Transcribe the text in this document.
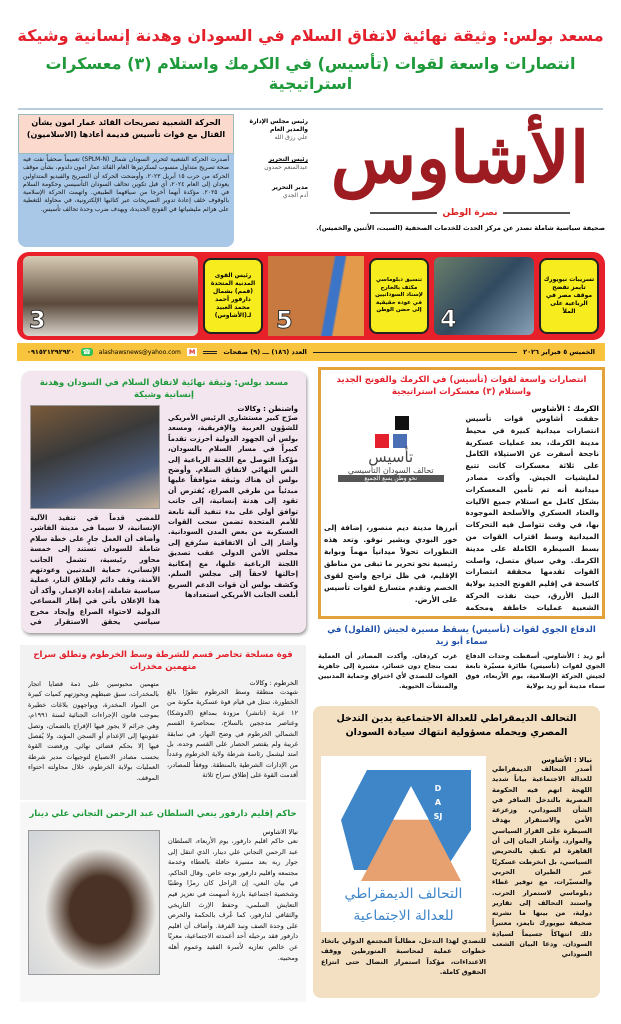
مسعد بولس: وثيقة نهائية لاتفاق السلام في السودان وهدنة إنسانية وشيكة
انتصارات واسعة لقوات (تأسيس) في الكرمك واستلام (٣) معسكرات استراتيجية
الحركة الشعبية تصريحات القائد عمار امون بشأن القتال مع قوات تأسيس قديمة أعادها (الاسلاميون)
أصدرت الحركة الشعبية لتحرير السودان شمال (SPLM-N) تعميماً صحفياً نفت فيه صحة تصريح متداول منسوب لسكرتيرها العام القائد عمار امون دلدوم، بشأن موقف الحركة من حرب ١٥ أبريل ٢٠٢٣. وأوضحت الحركة أن التصريح والفيديو المتداولين يعودان إلى العام ٢٠٢٤، أي قبل تكوين تحالف السودان التأسيسي وحكومة السلام في ٢٠٢٥. مؤكدة أنهما أخرجا من سياقهما الطبيعي. واتهمت الحركة الإسلامية بالوقوف خلف إعادة تدوير التصريحات عبر كتائبها الإلكترونية، في محاولة للتغطية على هزائم مليشياتها في الفونج الجديدة، ويهدف ضرب وحدة تحالف تأسيس.
رئيس مجلس الإدارة والمدير العام
علي رزق الله
رئيس التحرير
عبدالمنعم حمدون
مدير التحرير
أدم الجدي الأشاوس
نصرة الوطن
صحيفة سياسية شاملة تصدر عن مركز الحدث للخدمات الصحفية (السبت، الأثنين والخميس).
تسريبات نيويورك تايمز تفضح موقف مصر في الرباعية على الملأ
4
تنسيق دبلوماسي مكثف بالخارج لإسناد السودانيين في عودة حقيقية إلى حضن الوطن
5
رئيس القوى المدنية المتحدة (قمم) بشمال دارفور أحمد محمد العبيد لـ(الأشاوس)
3
الخميس ٥ فبراير ٢٠٢٦
العدد (١٨٦) ـــ (٩) صفحات
M
alashawsnews@yahoo.com
☎
٠٩١٥٢١٢٩٢٩٢٠
انتصارات واسعة لقوات (تأسيس) في الكرمك والفونج الجديد واستلام (٣) معسكرات استراتيجية
الكرمك : الأشاوس
حققت أشاوس قوات تأسيس انتصارات ميدانية كبيرة في محيط مدينة الكرمك، بعد عمليات عسكرية ناجحة أسفرت عن الاستيلاء الكامل على ثلاثة معسكرات كانت تتبع لمليشيات الجيش. وأكدت مصادر ميدانية أنه تم تأمين المعسكرات بشكل كامل مع استلام جميع الآليات والعتاد العسكري والأسلحة الموجودة بها، في وقت تتواصل فيه التحركات الميدانية وسط اقتراب القوات من بسط السيطرة الكاملة على مدينة الكرمك. وفي سياق متصل، واصلت القوات تقدمها محققة انتصارات كاسحة في إقليم الفونج الجديد بولاية النيل الأزرق، حيث نفذت الحركة الشعبية عمليات خاطفة ومحكمة
تأسيس
تحالف السودان التأسيسي
نحو وطن يسع الجميع
أبرزها مدينة ديم منصور، إضافة إلى خور البودي وبشير نوقو. وتعد هذه التطورات تحولاً ميدانياً مهماً وبوابة رئيسية نحو تحرير ما تبقى من مناطق الإقليم، في ظل تراجع واضح لقوى الخصم وتقدم متسارع لقوات تأسيس على الأرض.
مسعد بولس: وثيقة نهائية لاتفاق السلام في السودان وهدنة إنسانية وشيكة
واشنطن : وكالات
صرّح كبير مستشاري الرئيس الأمريكي للشؤون العربية والإفريقية، ومسعد بولس أن الجهود الدولية أحرزت تقدماً كبيراً في مسار السلام بالسودان، مؤكداً التوصل مع اللجنة الرباعية إلى النص النهائي لاتفاق السلام. وأوضح بولس أن هناك وثيقة متوافقاً عليها مبدئياً من طرفي الصراع، يُفترض أن تقود إلى هدنة إنسانية، إلى جانب توافق أولي على بدء تنفيذ آلية تابعة للأمم المتحدة تضمن سحب القوات العسكرية من بعض المدن السودانية. وأشار إلى أن الاتفاقية ستُرفع إلى مجلس الأمن الدولي عقب تصديق اللجنة الرباعية عليها، مع إمكانية إحالتها لاحقاً إلى مجلس السلم. وكشف بولس أن قوات الدعم السريع أبلغت الجانب الأمريكي استعدادها
للمضي قدماً في تنفيذ الآلية الإنسانية، لا سيما في مدينة الفاشر. وأضاف أن العمل جارٍ على خطة سلام شاملة للسودان تستند إلى خمسة محاور رئيسية، تشمل الجانب الإنساني، حماية المدنيين وعودتهم الآمنة، وقف دائم لإطلاق النار، عملية سياسية شاملة، إعادة الإعمار. وأكد أن هذا الإعلان يأتي في إطار المساعي الدولية لاحتواء الصراع وإيجاد مخرج سياسي يحقق الاستقرار في
الدفاع الجوي لقوات (تأسيس) يسقط مسيرة لجيش (الفلول) في سماء أبو زيد
أبو زيد : الأشاوس. أسقطت وحدات الدفاع الجوي لقوات (تأسيس) طائرة مسيّرة تابعة لجيش الحركة الإسلامية، يوم الأربعاء، فوق سماء مدينة أبو زيد بولاية
غرب كردفان. وأكدت المصادر أن العملية تمت بنجاح دون خسائر، مشيرة إلى جاهزية القوات للتصدي لأي اختراق وحماية المدنيين والمنشآت الحيوية.
التحالف الديمقراطي للعدالة الاجتماعية يدين التدخل المصري ويحمله مسؤولية انتهاك سيادة السودان
نيالا : الأشاوس
أصدر التحالف الديمقراطي للعدالة الاجتماعية بياناً شديد اللهجة اتهم فيه الحكومة المصرية بالتدخل السافر في الشأن السوداني، وزعزعة الأمن والاستقرار بهدف السيطرة على القرار السياسي والموارد. وأشار البيان إلى أن القاهرة لم تكتفِ بالتحريض السياسي، بل انخرطت عسكريًا عبر الطيران الحربي والمسيّرات، مع توفير غطاء دبلوماسي لاستمرار الحرب. واستند التحالف إلى تقارير دولية، من بينها ما نشرته صحيفة نيويورك تايمز، معتبراً ذلك انتهاكاً جسيماً لسيادة السودان. ودعا البيان الشعب السوداني
DASJ
التحالف الديمقراطي
للعدالة الاجتماعية
للتصدي لهذا التدخل، مطالباً المجتمع الدولي باتخاذ خطوات عملية لمحاسبة المتورطين ووقف الاعتداءات، مؤكداً استمرار النضال حتى انتزاع الحقوق كاملة.
قوة مسلحة تحاصر قسم للشرطة وسط الخرطوم وتطلق سراح متهمين مخدرات
الخرطوم : وكالات
شهدت منطقة وسط الخرطوم تطورًا بالغ الخطورة، تمثل في قيام قوة عسكرية مكونة من ١٢ عربة (تاتشر) مزودة بمدافع (الدوشكا) وعناصر مدججين بالسلاح، بمحاصرة القسم الشمالي الخرطوم في وضح النهار، في سابقة غريبة ولم يقتصر الحصار على القسم وحده، بل امتد ليشمل رئاسة شرطة ولاية الخرطوم وعدداً من الإدارات الشرطية بالمنطقة. ووفقاً للمصادر، أقدمت القوة على إطلاق سراح ثلاثة
متهمين محبوسين على ذمة قضايا اتجار بالمخدرات، سبق ضبطهم وبحوزتهم كميات كبيرة من المواد المخدرة، ويواجهون بلاغات خطيرة بموجب قانون الإجراءات الجنائية لسنة ١٩٩١م، وهي جرائم لا يجوز فيها الإفراج بالضمان، وتصل عقوبتها إلى الإعدام أو السجن المؤبد، ولا يُفصل فيها إلا بحكم قضائي نهائي. ورفضت القوة بحسب مصادر الانصياع لتوجيهات مدير شرطة العمليات بولاية الخرطوم، خلال محاولته احتواء الموقف.
حاكم إقليم دارفور ينعي السلطان عبد الرحمن التجاني علي دينار
نيالا الاشاوس
نعى حاكم اقليم دارفور، يوم الأربعاء، السلطان عبد الرحمن التجاني علي دينار، الذي انتقل إلى جوار ربه بعد مسيرة حافلة بالعطاء وخدمة مجتمعه واقليم دارفور بوجه خاص. وقال الحاكم، في بيان النعي، إن الراحل كان رمزًا وطنيًا وشخصية اجتماعية بارزة أسهمت في تعزيز قيم التعايش السلمي، وحفظ الإرث التاريخي والثقافي لدارفور، كما عُرف بالحكمة والحرص على وحدة الصف ونبذ الفرقة. وأضاف أن اقليم دارفور فقد برحيله أحد أعمدته الاجتماعية، معربًا عن خالص تعازيه لأسرة الفقيد وعموم أهله ومحبيه.
